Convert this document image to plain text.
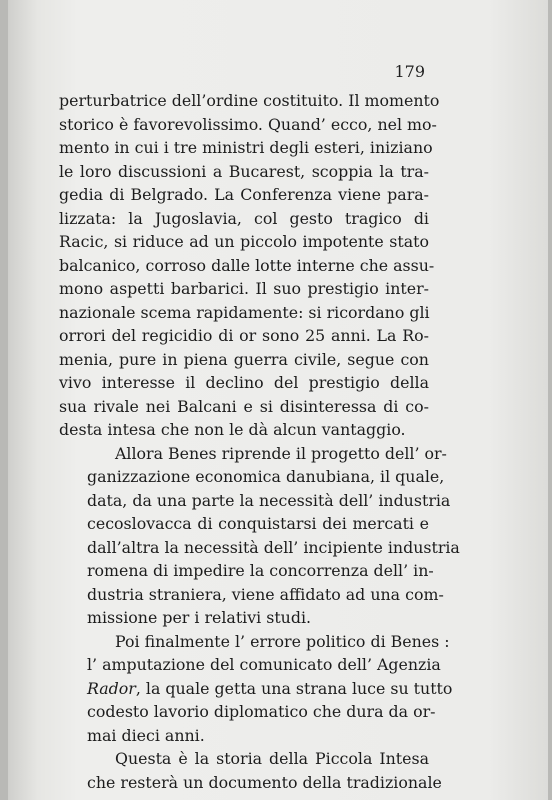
179
perturbatrice dell’ordine costituito. Il momento
storico è favorevolissimo. Quand’ ecco, nel mo-
mento in cui i tre ministri degli esteri, iniziano
le loro discussioni a Bucarest, scoppia la tra-
gedia di Belgrado. La Conferenza viene para-
lizzata: la Jugoslavia, col gesto tragico di
Racic, si riduce ad un piccolo impotente stato
balcanico, corroso dalle lotte interne che assu-
mono aspetti barbarici. Il suo prestigio inter-
nazionale scema rapidamente: si ricordano gli
orrori del regicidio di or sono 25 anni. La Ro-
menia, pure in piena guerra civile, segue con
vivo interesse il declino del prestigio della
sua rivale nei Balcani e si disinteressa di co-
desta intesa che non le dà alcun vantaggio.
Allora Benes riprende il progetto dell’ or-
ganizzazione economica danubiana, il quale,
data, da una parte la necessità dell’ industria
cecoslovacca di conquistarsi dei mercati e
dall’altra la necessità dell’ incipiente industria
romena di impedire la concorrenza dell’ in-
dustria straniera, viene affidato ad una com-
missione per i relativi studi.
Poi finalmente l’ errore politico di Benes :
l’ amputazione del comunicato dell’ Agenzia
Rador, la quale getta una strana luce su tutto
codesto lavorio diplomatico che dura da or-
mai dieci anni.
Questa è la storia della Piccola Intesa
che resterà un documento della tradizionale
